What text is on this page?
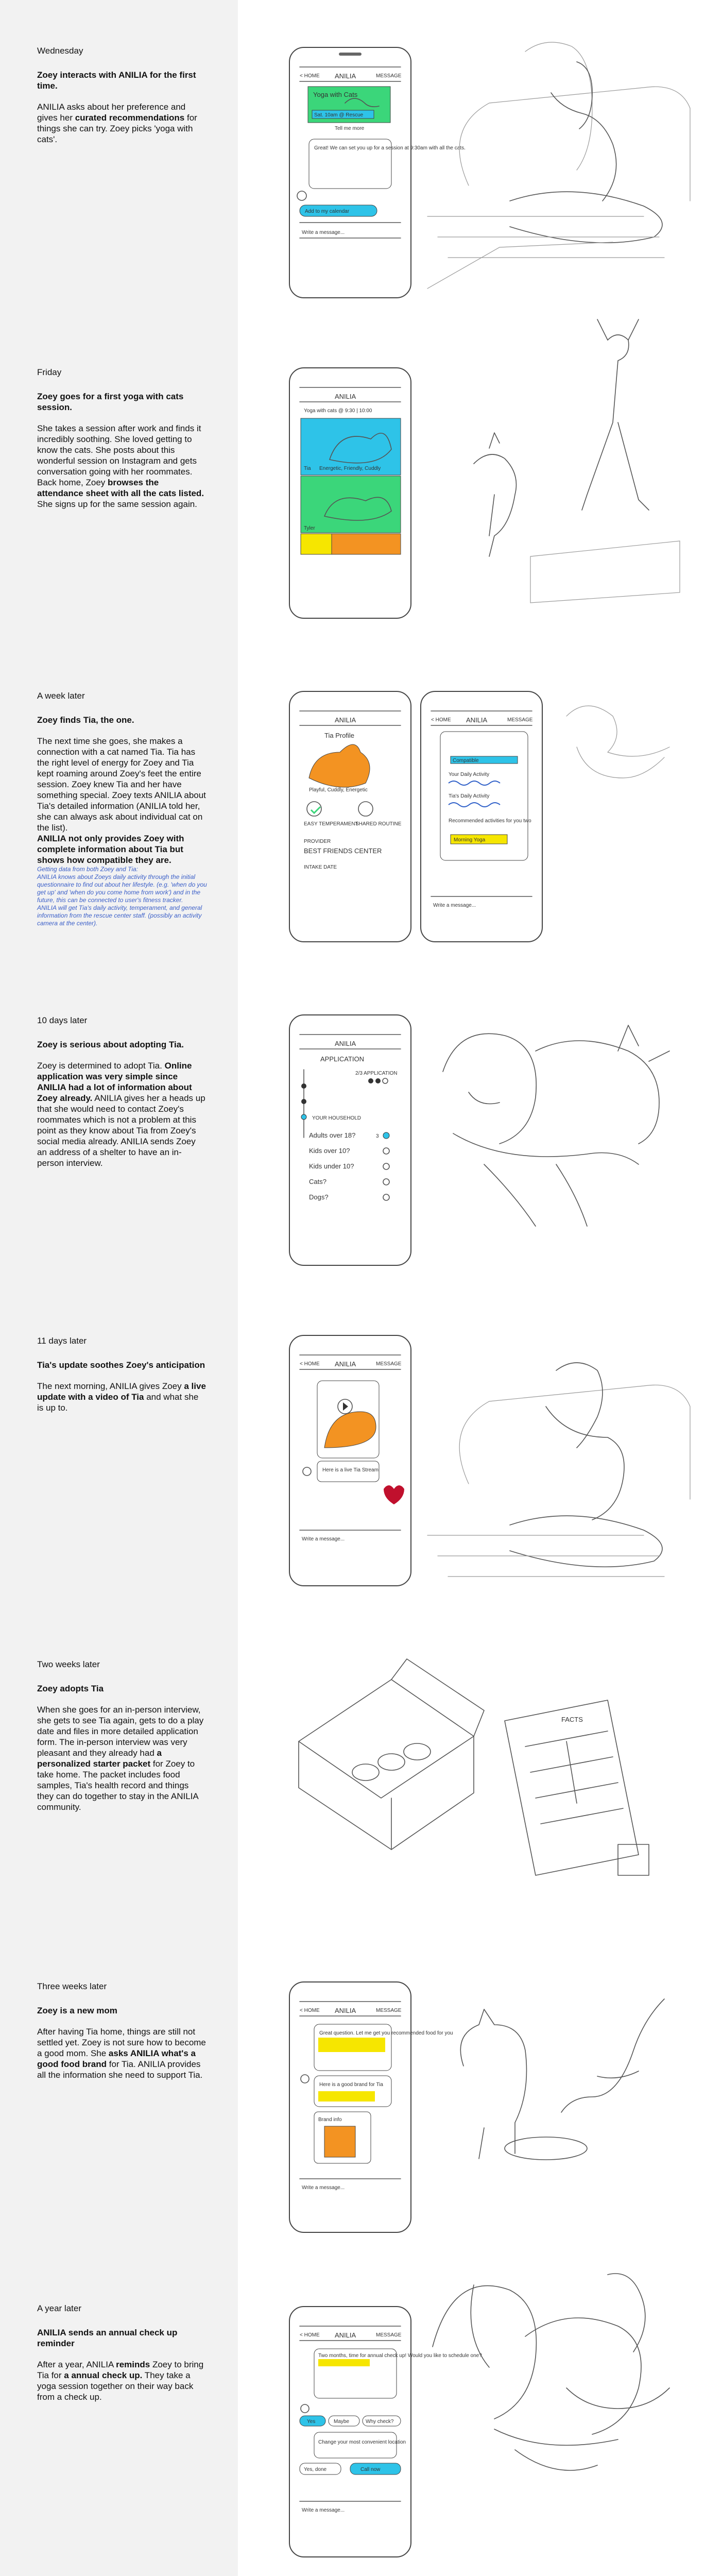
Wednesday

Zoey interacts with ANILIA for the first time.

ANILIA asks about her preference and gives her curated recommendations for things she can try. Zoey picks 'yoga with cats'.

Friday

Zoey goes for a first yoga with cats session.

She takes a session after work and finds it incredibly soothing. She loved getting to know the cats. She posts about this wonderful session on Instagram and gets conversation going with her roommates. Back home, Zoey browses the attendance sheet with all the cats listed. She signs up for the same session again.

A week later

Zoey finds Tia, the one.

The next time she goes, she makes a connection with a cat named Tia. Tia has the right level of energy for Zoey and Tia kept roaming around Zoey's feet the entire session. Zoey knew Tia and her have something special. Zoey texts ANILIA about Tia's detailed information (ANILIA told her, she can always ask about individual cat on the list).
ANILIA not only provides Zoey with complete information about Tia but shows how compatible they are.

Getting data from both Zoey and Tia:
ANILIA knows about Zoeys daily activity through the initial questionnaire to find out about her lifestyle. (e.g. 'when do you get up' and 'when do you come home from work') and in the future, this can be connected to user's fitness tracker.
ANILIA will get Tia's daily activity, temperament, and general information from the rescue center staff. (possibly an activity camera at the center).

10 days later

Zoey is serious about adopting Tia.

Zoey is determined to adopt Tia. Online application was very simple since ANILIA had a lot of information about Zoey already. ANILIA gives her a heads up that she would need to contact Zoey's roommates which is not a problem at this point as they know about Tia from Zoey's social media already. ANILIA sends Zoey an address of a shelter to have an in-person interview.

11 days later

Tia's update soothes Zoey's anticipation

The next morning, ANILIA gives Zoey a live update with a video of Tia and what she is up to.

Two weeks later

Zoey adopts Tia

When she goes for an in-person interview, she gets to see Tia again, gets to do a play date and files in more detailed application form. The in-person interview was very pleasant and they already had a personalized starter packet for Zoey to take home. The packet includes food samples, Tia's health record and things they can do together to stay in the ANILIA community.

Three weeks later

Zoey is a new mom

After having Tia home, things are still not settled yet. Zoey is not sure how to become a good mom. She asks ANILIA what's a good food brand for Tia. ANILIA provides all the information she need to support Tia.

A year later

ANILIA sends an annual check up reminder

After a year, ANILIA reminds Zoey to bring Tia for a annual check up. They take a yoga session together on their way back from a check up.

< HOME ANILIA	MESSAGE
Yoga with Cats
Sat. 10am @ Rescue
Tell me more
Great! We can set you up for a session at 9:30am with all the cats.
Add to my calendar
Write a message...
ANILIA
Yoga with cats @ 9:30 | 10:00
Tia Energetic, Friendly, Cuddly
Tyler
ANILIA
Tia Profile
Playful, Cuddly, Energetic
EASY TEMPERAMENT
SHARED ROUTINE
PROVIDER
BEST FRIENDS CENTER
INTAKE DATE
< HOME ANILIA	MESSAGE
Compatible
Your Daily Activity
Tia's Daily Activity
Recommended activities for you two
Morning Yoga
Write a message...
ANILIA
APPLICATION
2/3 APPLICATION
YOUR HOUSEHOLD
Adults over 18?	3
Kids over 10?
Kids under 10?
Cats?
Dogs?
< HOME ANILIA	MESSAGE
Here is a live Tia Stream
Write a message...
FACTS
< HOME ANILIA	MESSAGE
Great question. Let me get you recommended food for you
Here is a good brand for Tia
Brand info
Write a message...
< HOME ANILIA	MESSAGE
Two months, time for annual check up! Would you like to schedule one?
Yes	Maybe	Why check?
Change your most convenient location
Yes, done	Call now
Write a message...
